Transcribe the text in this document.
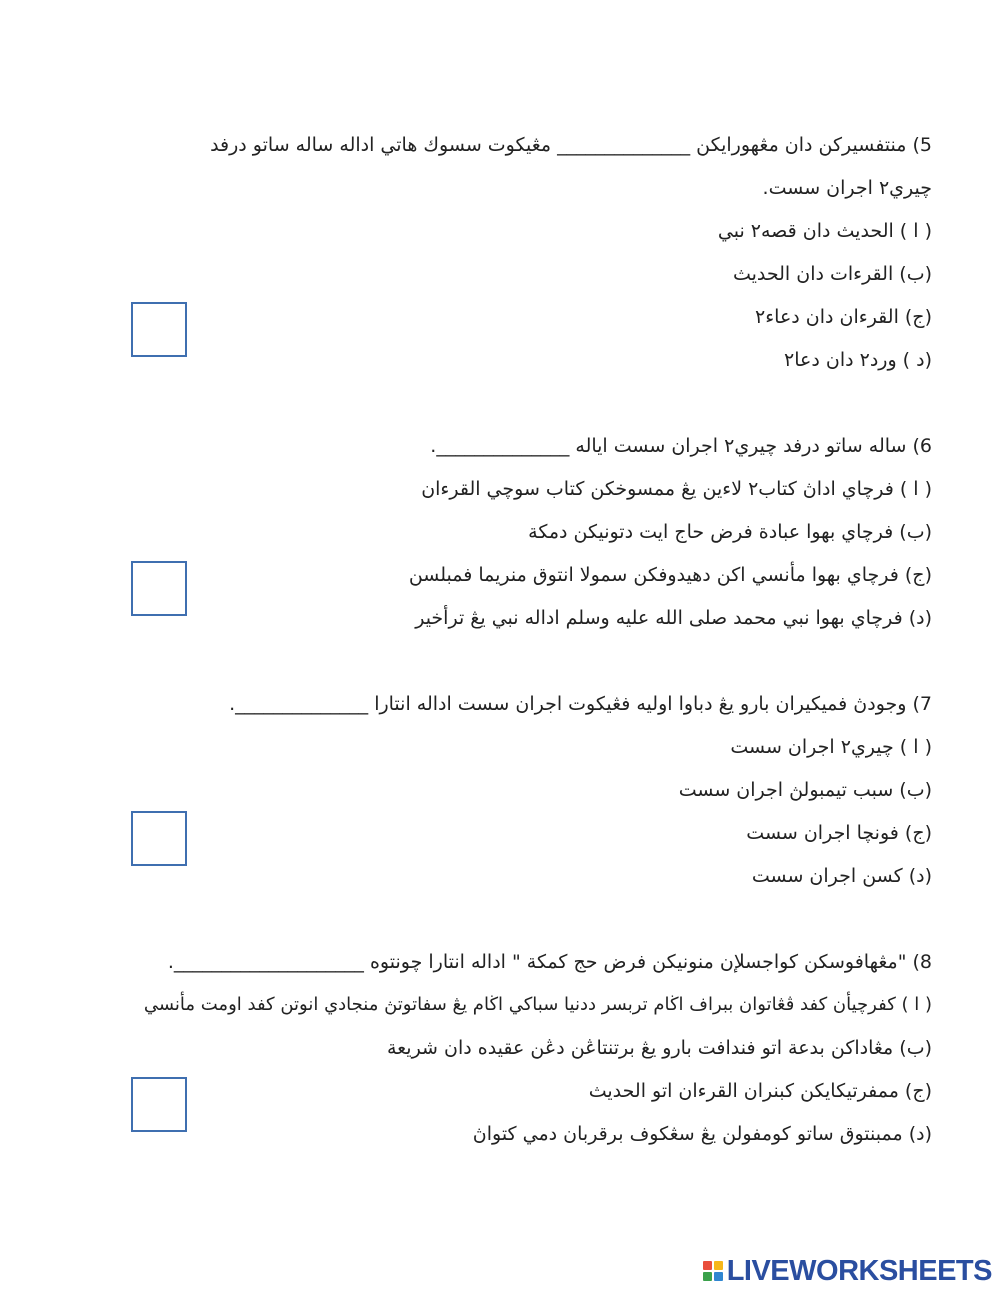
5) منتفسيرکن دان مڠهورايکن ______________ مڠيکوت سسوك هاتي اداله ساله ساتو درفد
چيري٢ اجران سست.
( ا ) الحديث دان قصه٢ نبي
(ب) القرءات دان الحديث
(ج) القرءان دان دعاء٢
(د ) ورد٢ دان دعا٢
6) ساله ساتو درفد چيري٢ اجران سست اياله ______________.
( ا ) فرچاي اداڽ کتاب٢ لاءين يڠ ممسوخکن کتاب سوچي القرءان
(ب) فرچاي بهوا عبادة فرض حاج ايت دتونيکن دمكة
(ج) فرچاي بهوا مأنسي اکن دهيدوفکن سمولا انتوق منريما فمبلسن
(د) فرچاي بهوا نبي محمد صلى الله عليه وسلم اداله نبي يڠ ترأخير
7) وجودڽ فميکيران بارو يڠ دباوا اوليه فڠيکوت اجران سست اداله انتارا ______________.
( ا ) چيري٢ اجران سست
(ب) سبب تيمبولڽ اجران سست
(ج) فونچا اجران سست
(د) کسن اجران سست
8) "مڠهافوسکن کواجسلإن منونيکن فرض حج کمكة " اداله انتارا چونتوه ____________________.
( ا ) کفرچيأن کفد ڤڠاتوان ببراف اڬام تربسر ددنيا سباکي اڬام يڠ سفاتوتڽ منجادي انوتن کفد اومت مأنسي
(ب) مڠاداکن بدعة اتو فندافت بارو يڠ برتنتاڠن دڠن عقيده دان شريعة
(ج) ممفرتيکايکن کبنران القرءان اتو الحديث
(د) ممبنتوق ساتو کومفولن يڠ سڠکوف برقربان دمي کتواڽ
LIVEWORKSHEETS
